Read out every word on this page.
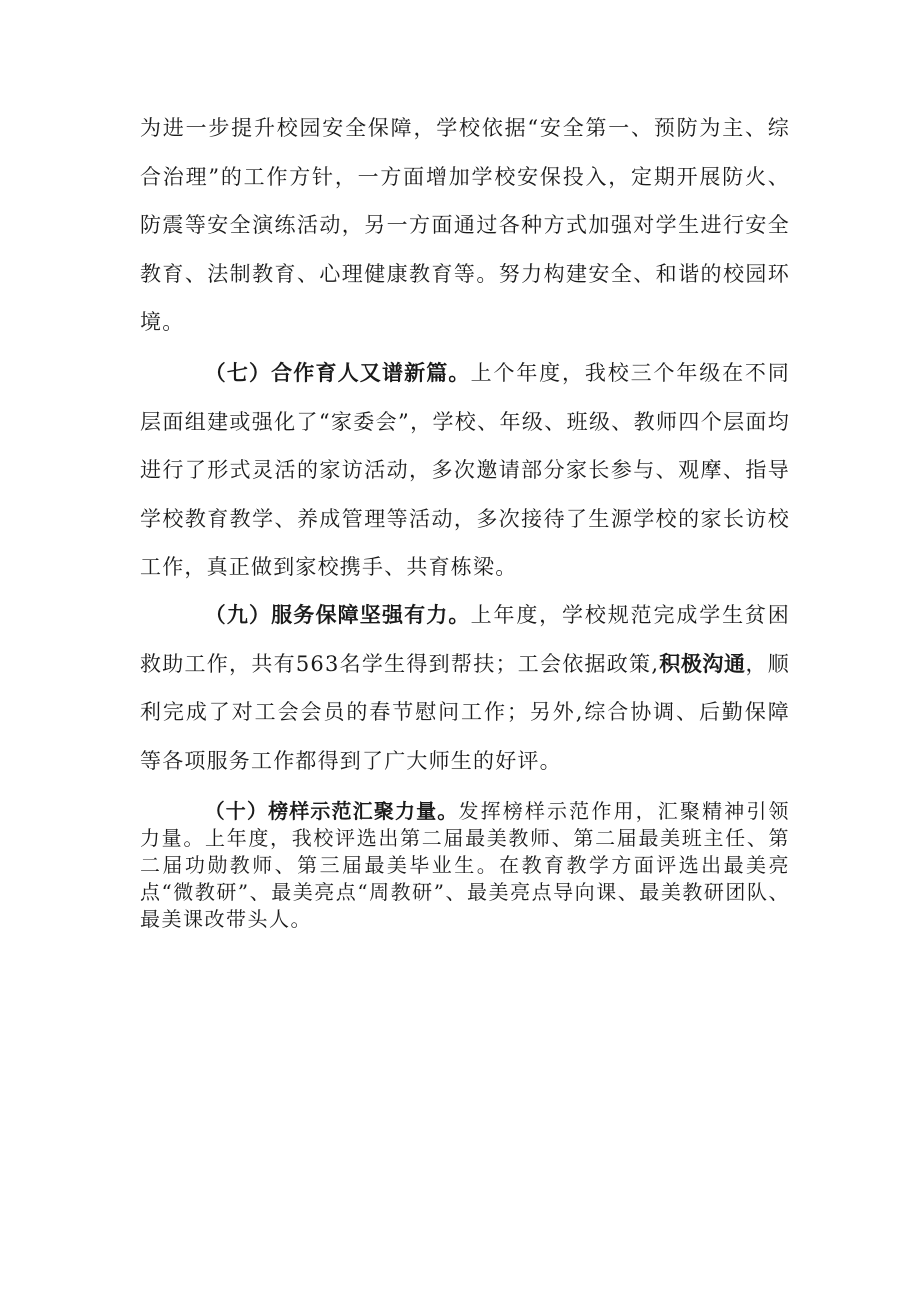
为进一步提升校园安全保障，学校依据“安全第一、预防为主、综合治理”的工作方针，一方面增加学校安保投入，定期开展防火、防震等安全演练活动，另一方面通过各种方式加强对学生进行安全教育、法制教育、心理健康教育等。努力构建安全、和谐的校园环境。

（七）合作育人又谱新篇。上个年度，我校三个年级在不同层面组建或强化了“家委会”，学校、年级、班级、教师四个层面均进行了形式灵活的家访活动，多次邀请部分家长参与、观摩、指导学校教育教学、养成管理等活动，多次接待了生源学校的家长访校工作，真正做到家校携手、共育栋梁。

（九）服务保障坚强有力。上年度，学校规范完成学生贫困救助工作，共有563名学生得到帮扶；工会依据政策,积极沟通，顺利完成了对工会会员的春节慰问工作；另外,综合协调、后勤保障等各项服务工作都得到了广大师生的好评。

（十）榜样示范汇聚力量。发挥榜样示范作用，汇聚精神引领力量。上年度，我校评选出第二届最美教师、第二届最美班主任、第二届功勋教师、第三届最美毕业生。在教育教学方面评选出最美亮点“微教研”、最美亮点“周教研”、最美亮点导向课、最美教研团队、最美课改带头人。
